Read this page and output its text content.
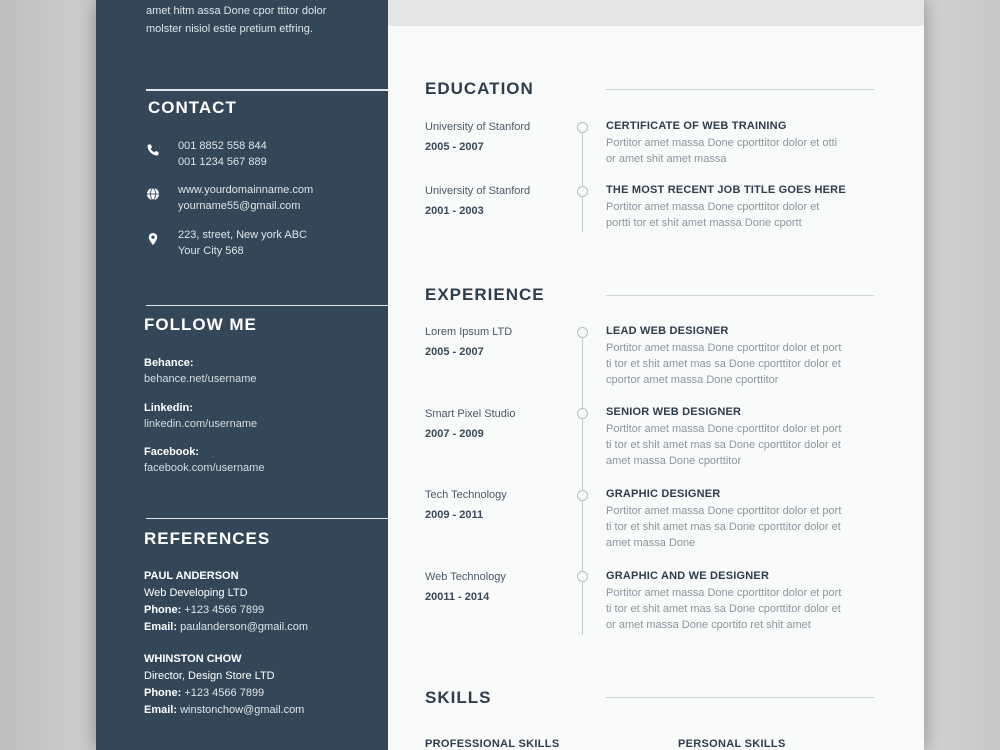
amet hitm assa Done cpor ttitor dolor
molster nisiol estie pretium etfring.
CONTACT
001 8852 558 844
001 1234 567 889
www.yourdomainname.com
yourname55@gmail.com
223, street, New york ABC
Your City 568
FOLLOW ME
Behance:
behance.net/username
Linkedin:
linkedin.com/username
Facebook:
facebook.com/username
REFERENCES
PAUL ANDERSON
Web Developing LTD
Phone: +123 4566 7899
Email: paulanderson@gmail.com
WHINSTON CHOW
Director, Design Store LTD
Phone: +123 4566 7899
Email: winstonchow@gmail.com
EDUCATION
University of Stanford
2005 - 2007
CERTIFICATE OF WEB TRAINING
Portitor amet massa Done cporttitor dolor et otti
or amet shit amet massa
University of Stanford
2001 - 2003
THE MOST RECENT JOB TITLE GOES HERE
Portitor amet massa Done cporttitor dolor et
portti tor et shit amet massa Done cportt
EXPERIENCE
Lorem Ipsum LTD
2005 - 2007
LEAD WEB DESIGNER
Portitor amet massa Done cporttitor dolor et port
ti tor et shit amet mas sa Done cporttitor dolor et
cportor amet massa Done cporttitor
Smart Pixel Studio
2007 - 2009
SENIOR WEB DESIGNER
Portitor amet massa Done cporttitor dolor et port
ti tor et shit amet mas sa Done cporttitor dolor et
amet massa Done cporttitor
Tech Technology
2009 - 2011
GRAPHIC DESIGNER
Portitor amet massa Done cporttitor dolor et port
ti tor et shit amet mas sa Done cporttitor dolor et
amet massa Done
Web Technology
20011 - 2014
GRAPHIC AND WE DESIGNER
Portitor amet massa Done cporttitor dolor et port
ti tor et shit amet mas sa Done cporttitor dolor et
or amet massa Done cportito ret shit amet
SKILLS
PROFESSIONAL SKILLS	PERSONAL SKILLS
